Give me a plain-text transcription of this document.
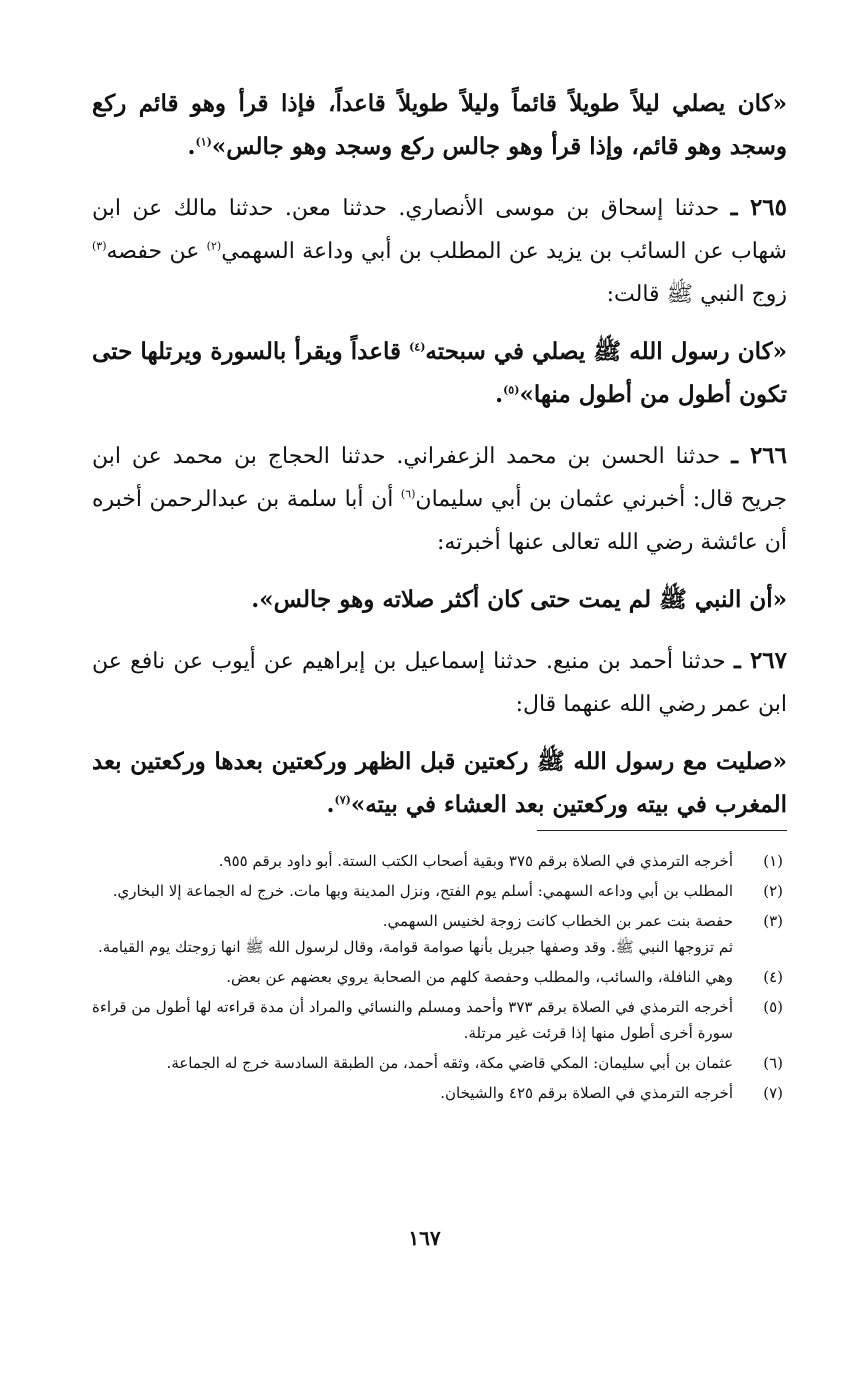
«كان يصلي ليلاً طويلاً قائماً وليلاً طويلاً قاعداً، فإذا قرأ وهو قائم ركع وسجد وهو قائم، وإذا قرأ وهو جالس ركع وسجد وهو جالس»$^{(١)}$.

٢٦٥ ـ حدثنا إسحاق بن موسى الأنصاري. حدثنا معن. حدثنا مالك عن ابن شهاب عن السائب بن يزيد عن المطلب بن أبي وداعة السهمي$^{(٢)}$ عن حفصه$^{(٣)}$ زوج النبي ﷺ قالت:

«كان رسول الله ﷺ يصلي في سبحته$^{(٤)}$ قاعداً ويقرأ بالسورة ويرتلها حتى تكون أطول من أطول منها»$^{(٥)}$.

٢٦٦ ـ حدثنا الحسن بن محمد الزعفراني. حدثنا الحجاج بن محمد عن ابن جريح قال: أخبرني عثمان بن أبي سليمان$^{(٦)}$ أن أبا سلمة بن عبدالرحمن أخبره أن عائشة رضي الله تعالى عنها أخبرته:

«أن النبي ﷺ لم يمت حتى كان أكثر صلاته وهو جالس».

٢٦٧ ـ حدثنا أحمد بن منيع. حدثنا إسماعيل بن إبراهيم عن أيوب عن نافع عن ابن عمر رضي الله عنهما قال:

«صليت مع رسول الله ﷺ ركعتين قبل الظهر وركعتين بعدها وركعتين بعد المغرب في بيته وركعتين بعد العشاء في بيته»$^{(٧)}$.

(١)
أخرجه الترمذي في الصلاة برقم ٣٧٥ وبقية أصحاب الكتب الستة. أبو داود برقم ٩٥٥.
(٢)
المطلب بن أبي وداعه السهمي: أسلم يوم الفتح، ونزل المدينة وبها مات. خرج له الجماعة إلا البخاري.
(٣)
حفصة بنت عمر بن الخطاب كانت زوجة لخنيس السهمي.
ثم تزوجها النبي ﷺ. وقد وصفها جبريل بأنها صوامة قوامة، وقال لرسول الله ﷺ انها زوجتك يوم القيامة.
(٤)
وهي النافلة، والسائب، والمطلب وحفصة كلهم من الصحابة يروي بعضهم عن بعض.
(٥)
أخرجه الترمذي في الصلاة برقم ٣٧٣ وأحمد ومسلم والنسائي والمراد أن مدة قراءته لها أطول من قراءة سورة أخرى أطول منها إذا قرئت غير مرتلة.
(٦)
عثمان بن أبي سليمان: المكي قاضي مكة، وثقه أحمد، من الطبقة السادسة خرج له الجماعة.
(٧)
أخرجه الترمذي في الصلاة برقم ٤٢٥ والشيخان.
١٦٧
